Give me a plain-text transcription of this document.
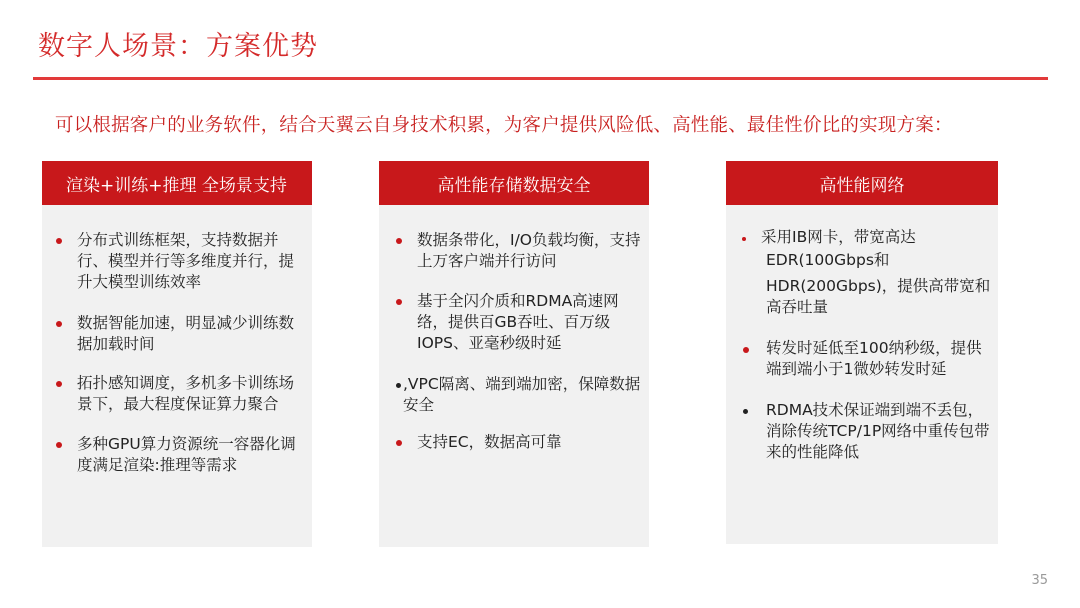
数字人场景：方案优势
可以根据客户的业务软件，结合天翼云自身技术积累，为客户提供风险低、高性能、最佳性价比的实现方案：
渲染+训练+推理 全场景支持
分布式训练框架，支持数据并行、模型并行等多维度并行，提升大模型训练效率
数据智能加速，明显减少训练数据加载时间
拓扑感知调度，多机多卡训练场景下，最大程度保证算力聚合
多种GPU算力资源统一容器化调度满足渲染:推理等需求
高性能存储数据安全
数据条带化，I/O负载均衡，支持上万客户端并行访问
基于全闪介质和RDMA高速网络，提供百GB吞吐、百万级IOPS、亚毫秒级时延
,VPC隔离、端到端加密，保障数据安全
支持EC，数据高可靠
高性能网络
采用IB网卡，带宽高达
EDR(100Gbps和
HDR(200Gbps)，提供高带宽和高吞吐量
转发时延低至100纳秒级，提供端到端小于1微妙转发时延
RDMA技术保证端到端不丢包，消除传统TCP/1P网络中重传包带来的性能降低
35
